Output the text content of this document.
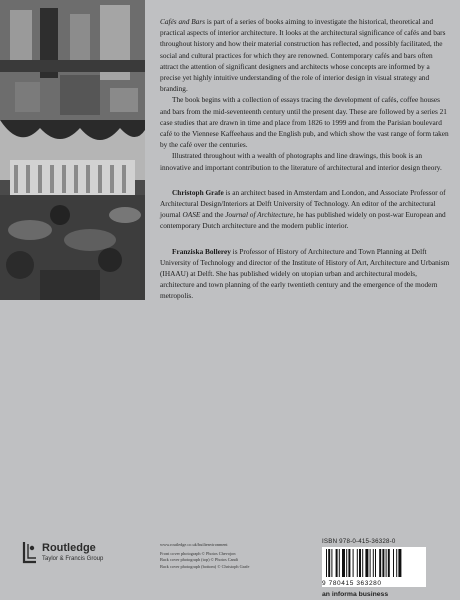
Cafés and Bars is part of a series of books aiming to investigate the historical, theoretical and practical aspects of interior architecture. It looks at the architectural significance of cafés and bars throughout history and how their material construction has reflected, and possibly facilitated, the social and cultural practices for which they are renowned. Contemporary cafés and bars often attract the attention of significant designers and architects whose concepts are informed by a precise yet highly intuitive understanding of the role of interior design in visual strategy and branding.

The book begins with a collection of essays tracing the development of cafés, coffee houses and bars from the mid-seventeenth century until the present day. These are followed by a series 21 case studies that are drawn in time and place from 1826 to 1999 and from the Parisian boulevard café to the Viennese Kaffeehaus and the English pub, and which show the vast range of form taken by the café over the centuries.

Illustrated throughout with a wealth of photographs and line drawings, this book is an innovative and important contribution to the literature of architectural and interior design theory.

Christoph Grafe is an architect based in Amsterdam and London, and Associate Professor of Architectural Design/Interiors at Delft University of Technology. An editor of the architectural journal OASE and the Journal of Architecture, he has published widely on post-war European and contemporary Dutch architecture and the modern public interior.

Franziska Bollerey is Professor of History of Architecture and Town Planning at Delft University of Technology and director of the Institute of History of Art, Architecture and Urbanism (IHAAU) at Delft. She has published widely on utopian urban and architectural models, architecture and town planning of the early twentieth century and the emergence of the modern metropolis.

Routledge
Taylor & Francis Group
www.routledge.co.uk/builtenvironment
Front cover photograph © Photos Chevojon
Back cover photograph (top) © Photos Candi
Back cover photograph (bottom) © Christoph Grafe
ISBN 978-0-415-36328-0
9 780415 363280
an informa business
